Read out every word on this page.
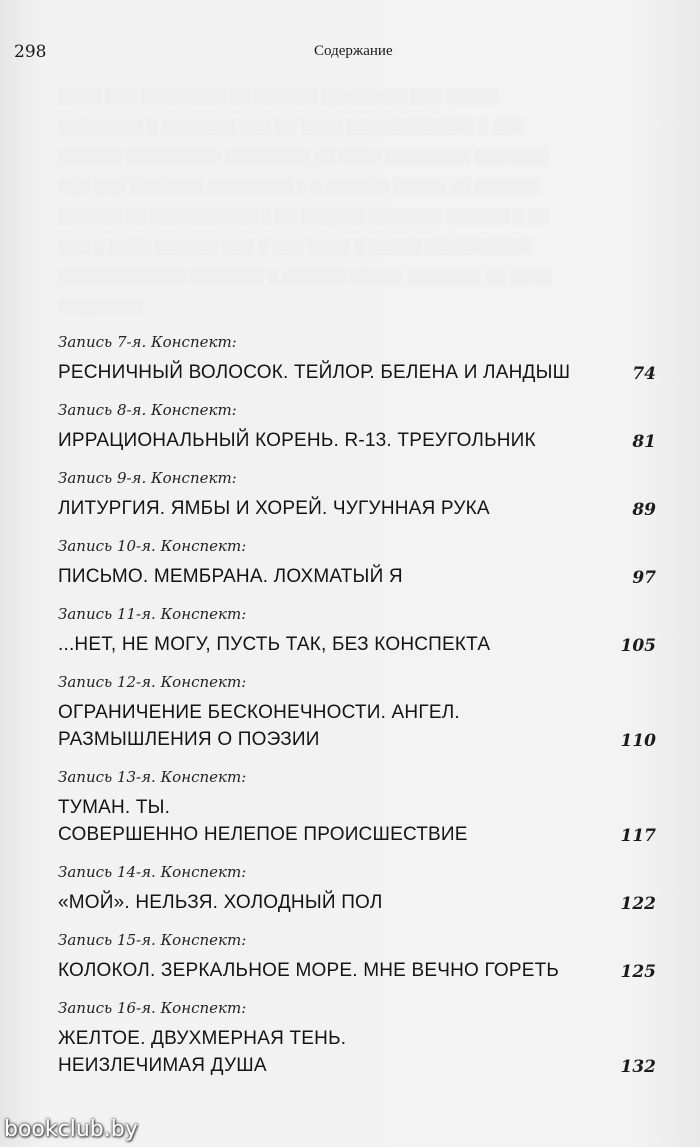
298	Содержание
░░░░ ░░░ ░░░░░░░░ ░░ ░░░░░░ ░░░░░░░░ ░░░ ░░░░░
░░░░░░░░ ░ ░░░░░░░ ░░░ ░░ ░░░░ ░░░░░░░░░░░░ ░ ░░░
░░░░░░ ░░░░░░░░░ ░░░░░░░░ ░░ ░░░░ ░░░░░░░░ ░░░░░░░
░░░ ░░░ ░░░░░░░ ░░░░░░░░ ░ ░ ░░░░░░ ░░░░░ ░░ ░░░░░░
░░░░░░ ░░ ░░░░░░░░░░ ░ ░░ ░░░░░░ ░░░░░░░ ░░░░░░ ░ ░░
░░░ ░ ░░░░ ░░░░░░ ░░░ ░ ░░░ ░░░░ ░ ░░░░░ ░░░░░░░░░░
░░░░░░░░░░░░ ░░░░░░░ ░ ░░░░░░ ░░░░░ ░░░░░░░ ░░ ░░░░
░░░░░░░░
Запись 7-я. Конспект:
РЕСНИЧНЫЙ ВОЛОСОК. ТЕЙЛОР. БЕЛЕНА И ЛАНДЫШ	74
Запись 8-я. Конспект:
ИРРАЦИОНАЛЬНЫЙ КОРЕНЬ. R-13. ТРЕУГОЛЬНИК	81
Запись 9-я. Конспект:
ЛИТУРГИЯ. ЯМБЫ И ХОРЕЙ. ЧУГУННАЯ РУКА	89
Запись 10-я. Конспект:
ПИСЬМО. МЕМБРАНА. ЛОХМАТЫЙ Я	97
Запись 11-я. Конспект:
...НЕТ, НЕ МОГУ, ПУСТЬ ТАК, БЕЗ КОНСПЕКТА	105
Запись 12-я. Конспект:
ОГРАНИЧЕНИЕ БЕСКОНЕЧНОСТИ. АНГЕЛ.
РАЗМЫШЛЕНИЯ О ПОЭЗИИ	110
Запись 13-я. Конспект:
ТУМАН. ТЫ.
СОВЕРШЕННО НЕЛЕПОЕ ПРОИСШЕСТВИЕ	117
Запись 14-я. Конспект:
«МОЙ». НЕЛЬЗЯ. ХОЛОДНЫЙ ПОЛ	122
Запись 15-я. Конспект:
КОЛОКОЛ. ЗЕРКАЛЬНОЕ МОРЕ. МНЕ ВЕЧНО ГОРЕТЬ	125
Запись 16-я. Конспект:
ЖЕЛТОЕ. ДВУХМЕРНАЯ ТЕНЬ.
НЕИЗЛЕЧИМАЯ ДУША	132
bookclub.by
